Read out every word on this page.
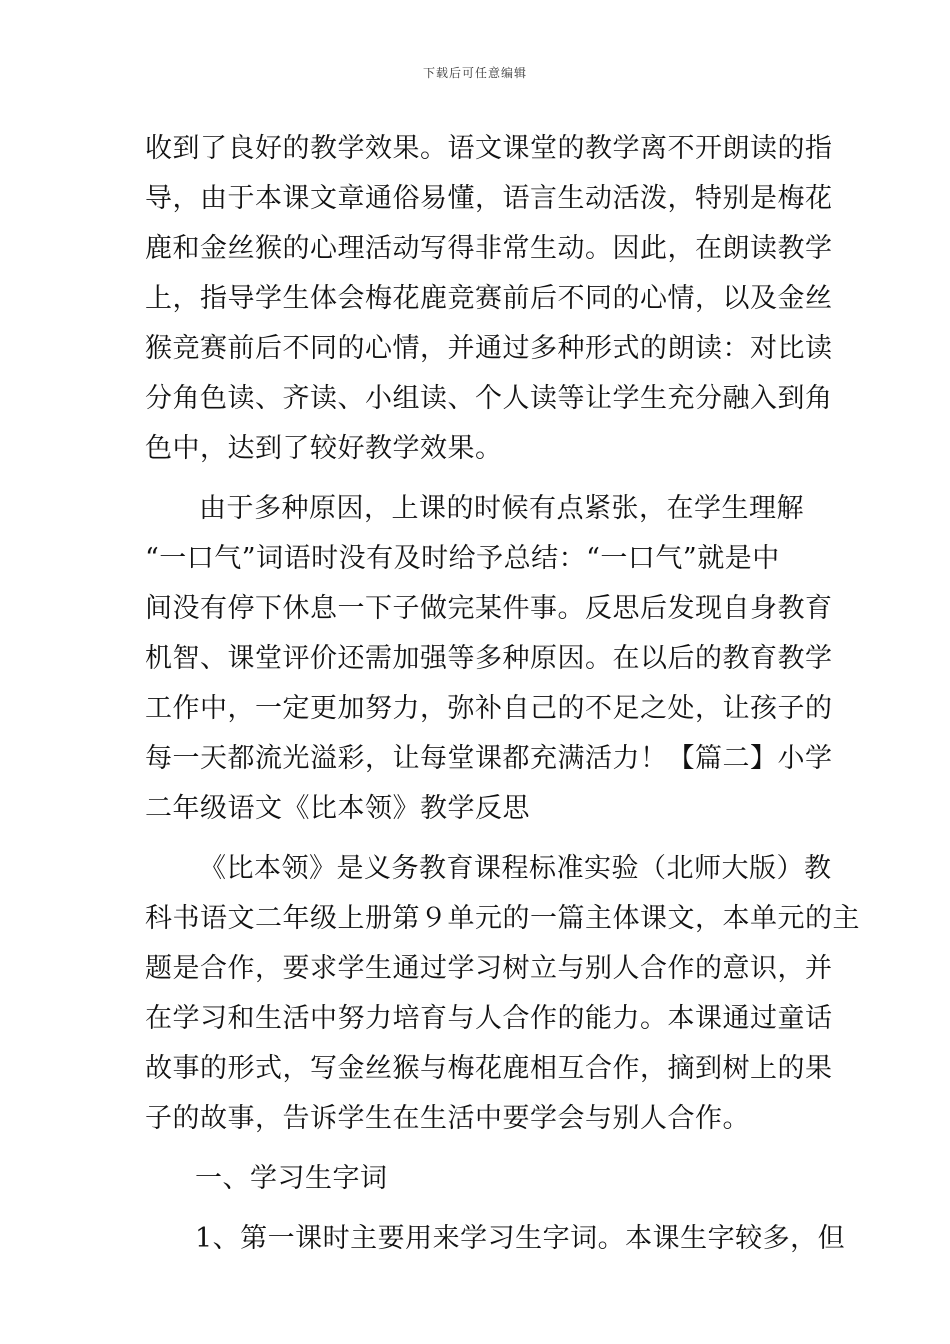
下载后可任意编辑
收到了良好的教学效果。语文课堂的教学离不开朗读的指
导，由于本课文章通俗易懂，语言生动活泼，特别是梅花
鹿和金丝猴的心理活动写得非常生动。因此，在朗读教学
上，指导学生体会梅花鹿竞赛前后不同的心情，以及金丝
猴竞赛前后不同的心情，并通过多种形式的朗读：对比读
分角色读、齐读、小组读、个人读等让学生充分融入到角
色中，达到了较好教学效果。
由于多种原因，上课的时候有点紧张，在学生理解
“一口气”词语时没有及时给予总结：“一口气”就是中
间没有停下休息一下子做完某件事。反思后发现自身教育
机智、课堂评价还需加强等多种原因。在以后的教育教学
工作中，一定更加努力，弥补自己的不足之处，让孩子的
每一天都流光溢彩，让每堂课都充满活力！【篇二】小学
二年级语文《比本领》教学反思
《比本领》是义务教育课程标准实验（北师大版）教
科书语文二年级上册第９单元的一篇主体课文，本单元的主
题是合作，要求学生通过学习树立与别人合作的意识，并
在学习和生活中努力培育与人合作的能力。本课通过童话
故事的形式，写金丝猴与梅花鹿相互合作，摘到树上的果
子的故事，告诉学生在生活中要学会与别人合作。
一、学习生字词
1、第一课时主要用来学习生字词。本课生字较多，但
